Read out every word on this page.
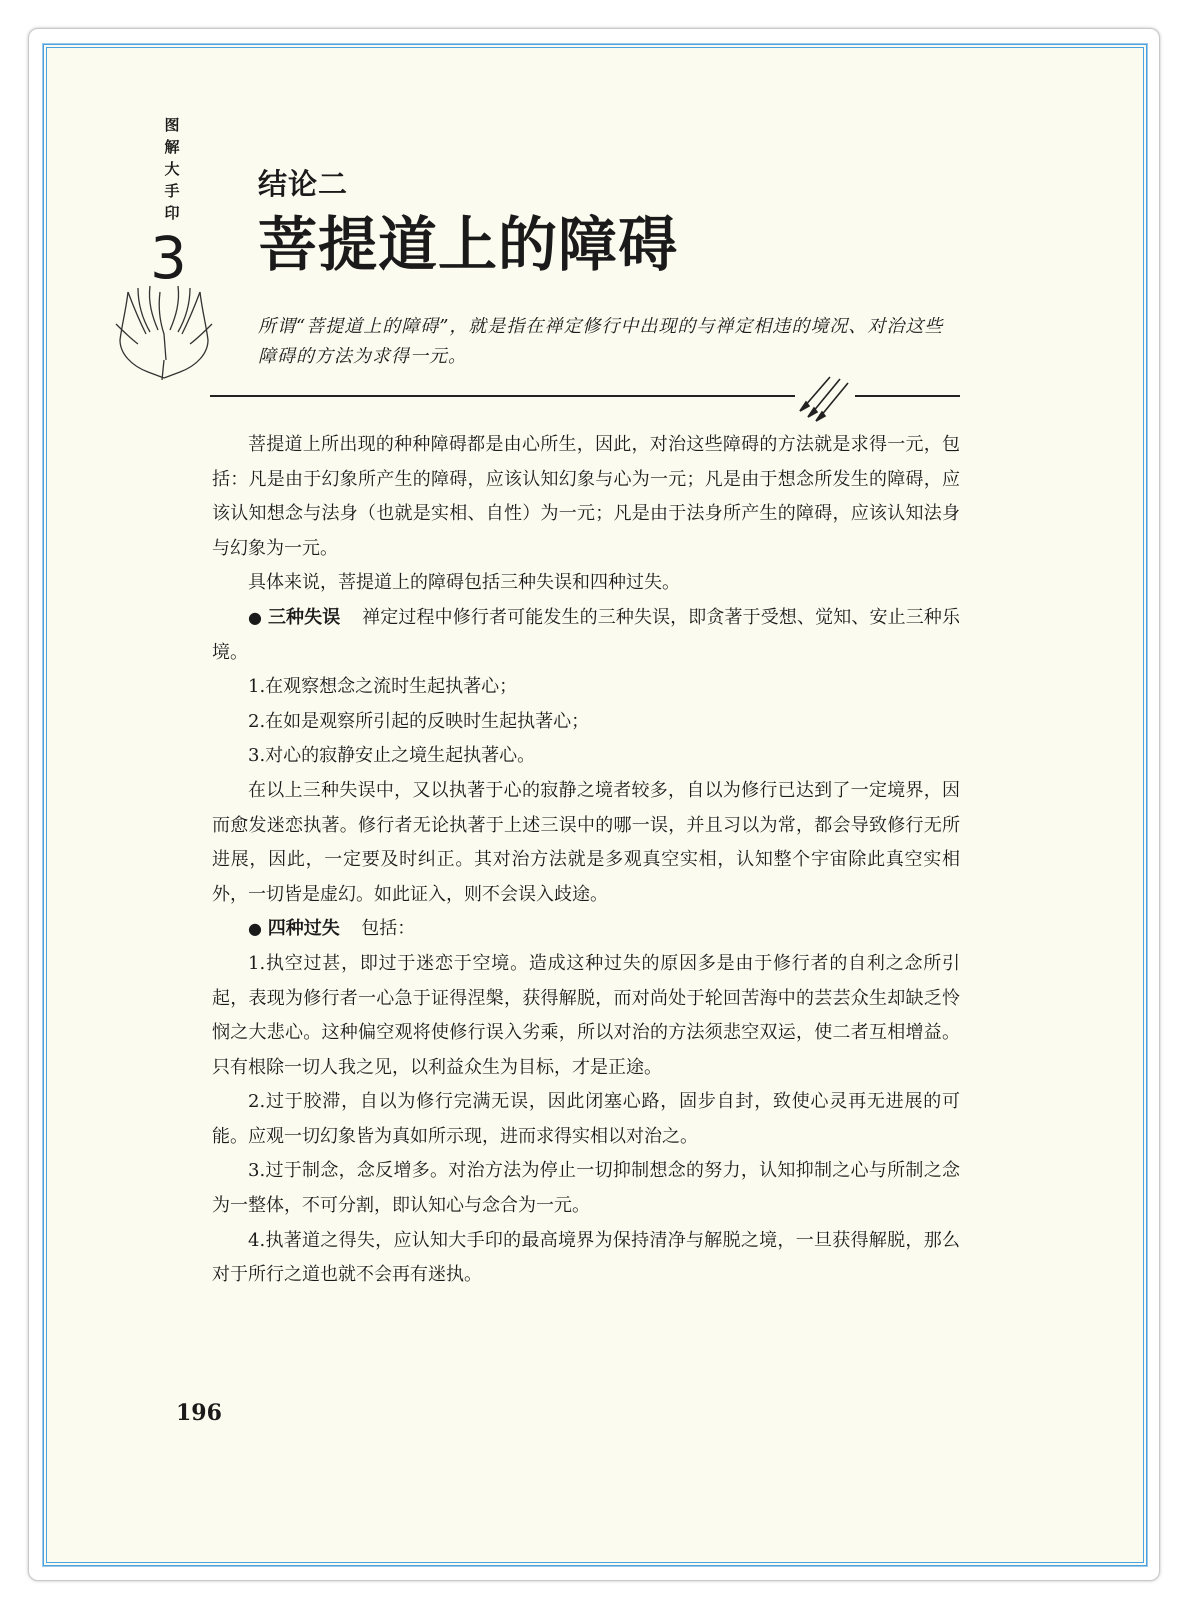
图解大手印
3
结论二
菩提道上的障碍
所谓“菩提道上的障碍”，就是指在禅定修行中出现的与禅定相违的境况、对治这些障碍的方法为求得一元。

菩提道上所出现的种种障碍都是由心所生，因此，对治这些障碍的方法就是求得一元，包括：凡是由于幻象所产生的障碍，应该认知幻象与心为一元；凡是由于想念所发生的障碍，应该认知想念与法身（也就是实相、自性）为一元；凡是由于法身所产生的障碍，应该认知法身与幻象为一元。

具体来说，菩提道上的障碍包括三种失误和四种过失。

● 三种失误 禅定过程中修行者可能发生的三种失误，即贪著于受想、觉知、安止三种乐境。

1.在观察想念之流时生起执著心；

2.在如是观察所引起的反映时生起执著心；

3.对心的寂静安止之境生起执著心。

在以上三种失误中，又以执著于心的寂静之境者较多，自以为修行已达到了一定境界，因而愈发迷恋执著。修行者无论执著于上述三误中的哪一误，并且习以为常，都会导致修行无所进展，因此，一定要及时纠正。其对治方法就是多观真空实相，认知整个宇宙除此真空实相外，一切皆是虚幻。如此证入，则不会误入歧途。

● 四种过失 包括：

1.执空过甚，即过于迷恋于空境。造成这种过失的原因多是由于修行者的自利之念所引起，表现为修行者一心急于证得涅槃，获得解脱，而对尚处于轮回苦海中的芸芸众生却缺乏怜悯之大悲心。这种偏空观将使修行误入劣乘，所以对治的方法须悲空双运，使二者互相增益。只有根除一切人我之见，以利益众生为目标，才是正途。

2.过于胶滞，自以为修行完满无误，因此闭塞心路，固步自封，致使心灵再无进展的可能。应观一切幻象皆为真如所示现，进而求得实相以对治之。

3.过于制念，念反增多。对治方法为停止一切抑制想念的努力，认知抑制之心与所制之念为一整体，不可分割，即认知心与念合为一元。

4.执著道之得失，应认知大手印的最高境界为保持清净与解脱之境，一旦获得解脱，那么对于所行之道也就不会再有迷执。

196
